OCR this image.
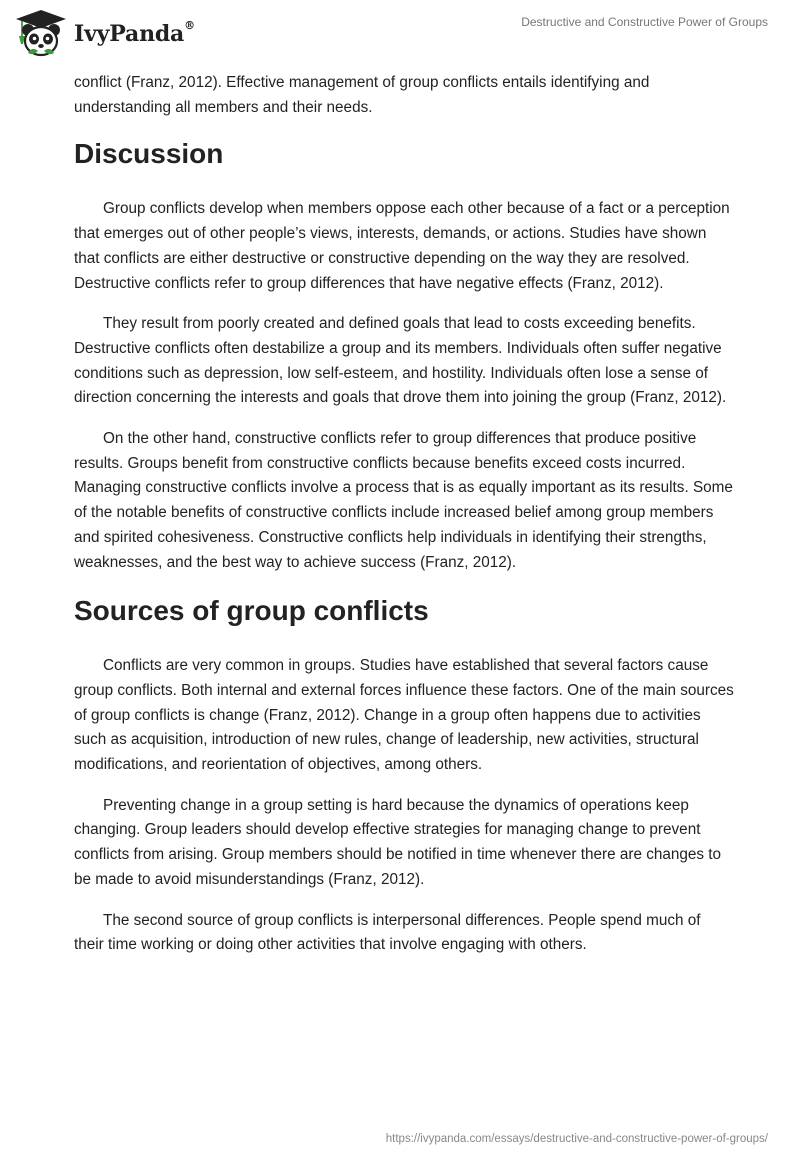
IvyPanda®	Destructive and Constructive Power of Groups

conflict (Franz, 2012). Effective management of group conflicts entails identifying and understanding all members and their needs.

Discussion

Group conflicts develop when members oppose each other because of a fact or a perception that emerges out of other people’s views, interests, demands, or actions. Studies have shown that conflicts are either destructive or constructive depending on the way they are resolved. Destructive conflicts refer to group differences that have negative effects (Franz, 2012).

They result from poorly created and defined goals that lead to costs exceeding benefits. Destructive conflicts often destabilize a group and its members. Individuals often suffer negative conditions such as depression, low self-esteem, and hostility. Individuals often lose a sense of direction concerning the interests and goals that drove them into joining the group (Franz, 2012).

On the other hand, constructive conflicts refer to group differences that produce positive results. Groups benefit from constructive conflicts because benefits exceed costs incurred. Managing constructive conflicts involve a process that is as equally important as its results. Some of the notable benefits of constructive conflicts include increased belief among group members and spirited cohesiveness. Constructive conflicts help individuals in identifying their strengths, weaknesses, and the best way to achieve success (Franz, 2012).

Sources of group conflicts

Conflicts are very common in groups. Studies have established that several factors cause group conflicts. Both internal and external forces influence these factors. One of the main sources of group conflicts is change (Franz, 2012). Change in a group often happens due to activities such as acquisition, introduction of new rules, change of leadership, new activities, structural modifications, and reorientation of objectives, among others.

Preventing change in a group setting is hard because the dynamics of operations keep changing. Group leaders should develop effective strategies for managing change to prevent conflicts from arising. Group members should be notified in time whenever there are changes to be made to avoid misunderstandings (Franz, 2012).

The second source of group conflicts is interpersonal differences. People spend much of their time working or doing other activities that involve engaging with others.

https://ivypanda.com/essays/destructive-and-constructive-power-of-groups/
